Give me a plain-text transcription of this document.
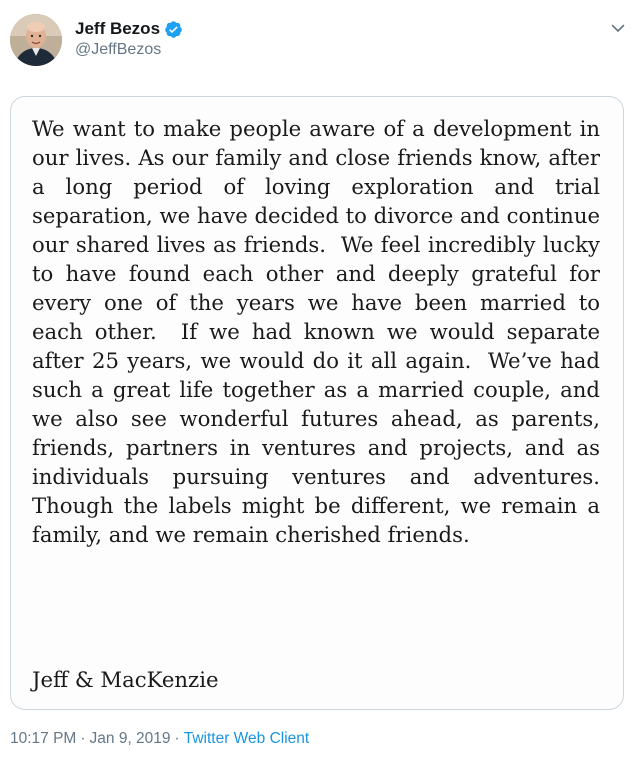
Jeff Bezos
@JeffBezos

We want to make people aware of a development in our lives. As our family and close friends know, after a long period of loving exploration and trial separation, we have decided to divorce and continue our shared lives as friends.  We feel incredibly lucky to have found each other and deeply grateful for every one of the years we have been married to each other.  If we had known we would separate after 25 years, we would do it all again.  We’ve had such a great life together as a married couple, and we also see wonderful futures ahead, as parents, friends, partners in ventures and projects, and as individuals pursuing ventures and adventures.  Though the labels might be different, we remain a family, and we remain cherished friends.

Jeff & MacKenzie

10:17 PM · Jan 9, 2019 · Twitter Web Client
